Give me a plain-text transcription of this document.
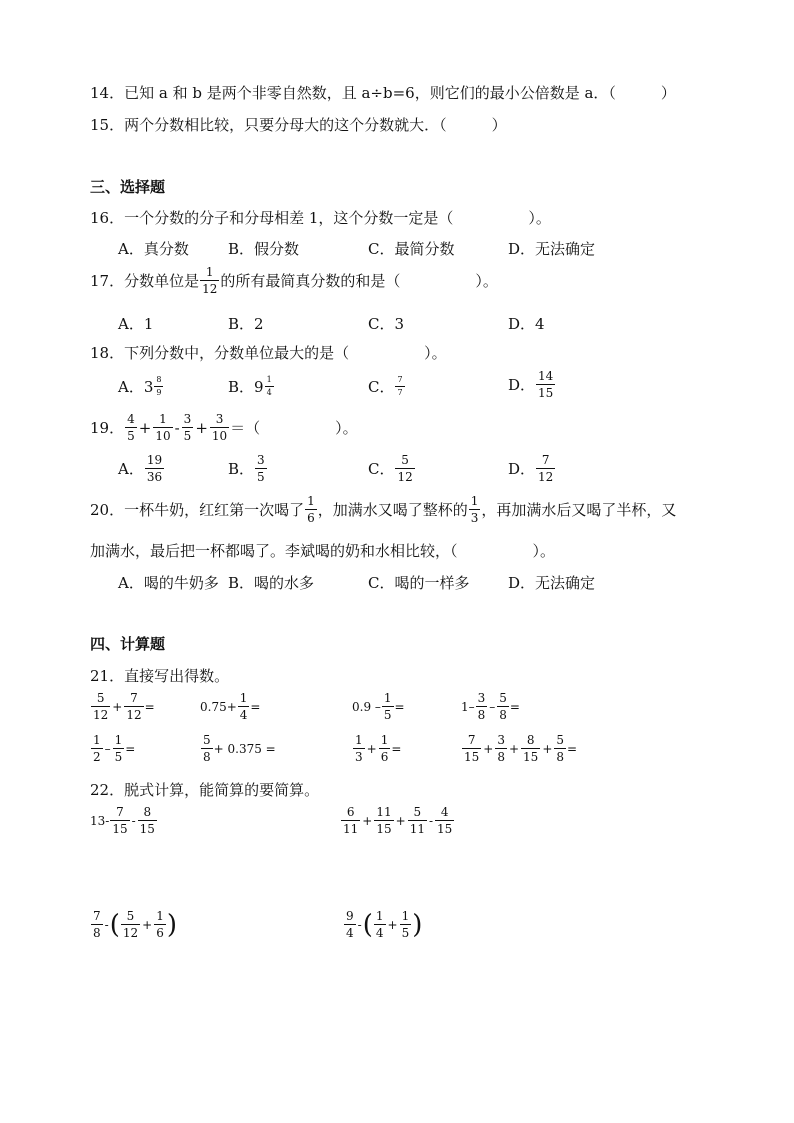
14．已知 a 和 b 是两个非零自然数，且 a÷b=6，则它们的最小公倍数是 a．（　　　）
15．两个分数相比较，只要分母大的这个分数就大．（　　　）
三、选择题
16．一个分数的分子和分母相差 1，这个分数一定是（　　　　　）。
A．真分数	B．假分数	C．最简分数	D．无法确定
17． 分数单位是 $\frac{1}{12}$ 的所有最简真分数的和是（　　　　　）。
A．1	B．2	C．3	D．4
18．下列分数中，分数单位最大的是（　　　　　）。
A． $3 \frac{8}{9}$	B． $9 \frac{1}{4}$	C． $\frac{7}{7}$	D． $\frac{14}{15}$
19． $\frac{4}{5} + \frac{1}{10} - \frac{3}{5} + \frac{3}{10}$ ＝（　　　　　）。
A． $\frac{19}{36}$	B． $\frac{3}{5}$	C． $\frac{5}{12}$	D． $\frac{7}{12}$
20． 一杯牛奶，红红第一次喝了 $\frac{1}{6}$ ，加满水又喝了整杯的 $\frac{1}{3}$ ，再加满水后又喝了半杯，又
加满水，最后把一杯都喝了。李斌喝的奶和水相比较，（　　　　　）。
A．喝的牛奶多 B．喝的水多	C．喝的一样多	D．无法确定
四、计算题
21．直接写出得数。
$\frac{5}{12} + \frac{7}{12}$ =	$0.75+ \frac{1}{4}$ =	$0.9 - \frac{1}{5}$ =	$1- \frac{3}{8} - \frac{5}{8}$ =
$\frac{1}{2} - \frac{1}{5}$ =	$\frac{5}{8} + 0.375$ =	$\frac{1}{3} + \frac{1}{6}$ =	$\frac{7}{15} + \frac{3}{8} + \frac{8}{15} + \frac{5}{8}$ =
22．脱式计算，能简算的要简算。
$13- \frac{7}{15} - \frac{8}{15}$	$\frac{6}{11} + \frac{11}{15} + \frac{5}{11} - \frac{4}{15}$
$\frac{7}{8}$ - ( $\frac{5}{12} + \frac{1}{6}$ )	$\frac{9}{4}$ - ( $\frac{1}{4} + \frac{1}{5}$ )
